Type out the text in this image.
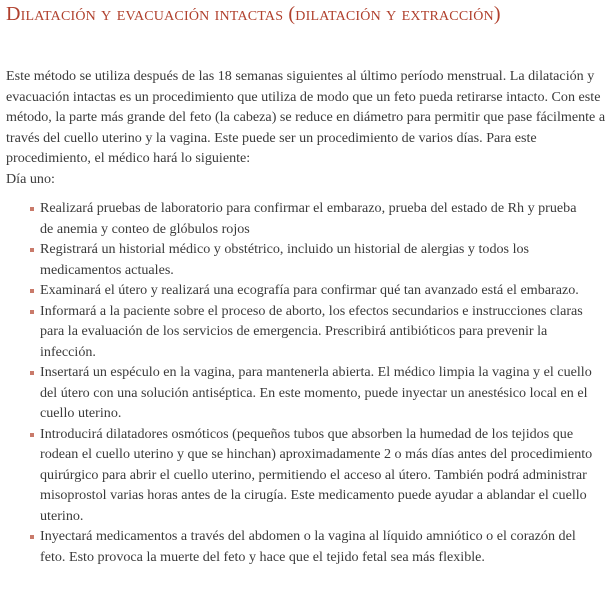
Dilatación y evacuación intactas (dilatación y extracción)

Este método se utiliza después de las 18 semanas siguientes al último período menstrual. La dilatación y evacuación intactas es un procedimiento que utiliza de modo que un feto pueda retirarse intacto. Con este método, la parte más grande del feto (la cabeza) se reduce en diámetro para permitir que pase fácilmente a través del cuello uterino y la vagina. Este puede ser un procedimiento de varios días. Para este procedimiento, el médico hará lo siguiente:
Día uno:

Realizará pruebas de laboratorio para confirmar el embarazo, prueba del estado de Rh y prueba de anemia y conteo de glóbulos rojos
Registrará un historial médico y obstétrico, incluido un historial de alergias y todos los medicamentos actuales.
Examinará el útero y realizará una ecografía para confirmar qué tan avanzado está el embarazo.
Informará a la paciente sobre el proceso de aborto, los efectos secundarios e instrucciones claras para la evaluación de los servicios de emergencia. Prescribirá antibióticos para prevenir la infección.
Insertará un espéculo en la vagina, para mantenerla abierta. El médico limpia la vagina y el cuello del útero con una solución antiséptica. En este momento, puede inyectar un anestésico local en el cuello uterino.
Introducirá dilatadores osmóticos (pequeños tubos que absorben la humedad de los tejidos que rodean el cuello uterino y que se hinchan) aproximadamente 2 o más días antes del procedimiento quirúrgico para abrir el cuello uterino, permitiendo el acceso al útero. También podrá administrar misoprostol varias horas antes de la cirugía. Este medicamento puede ayudar a ablandar el cuello uterino.
Inyectará medicamentos a través del abdomen o la vagina al líquido amniótico o el corazón del feto. Esto provoca la muerte del feto y hace que el tejido fetal sea más flexible.
